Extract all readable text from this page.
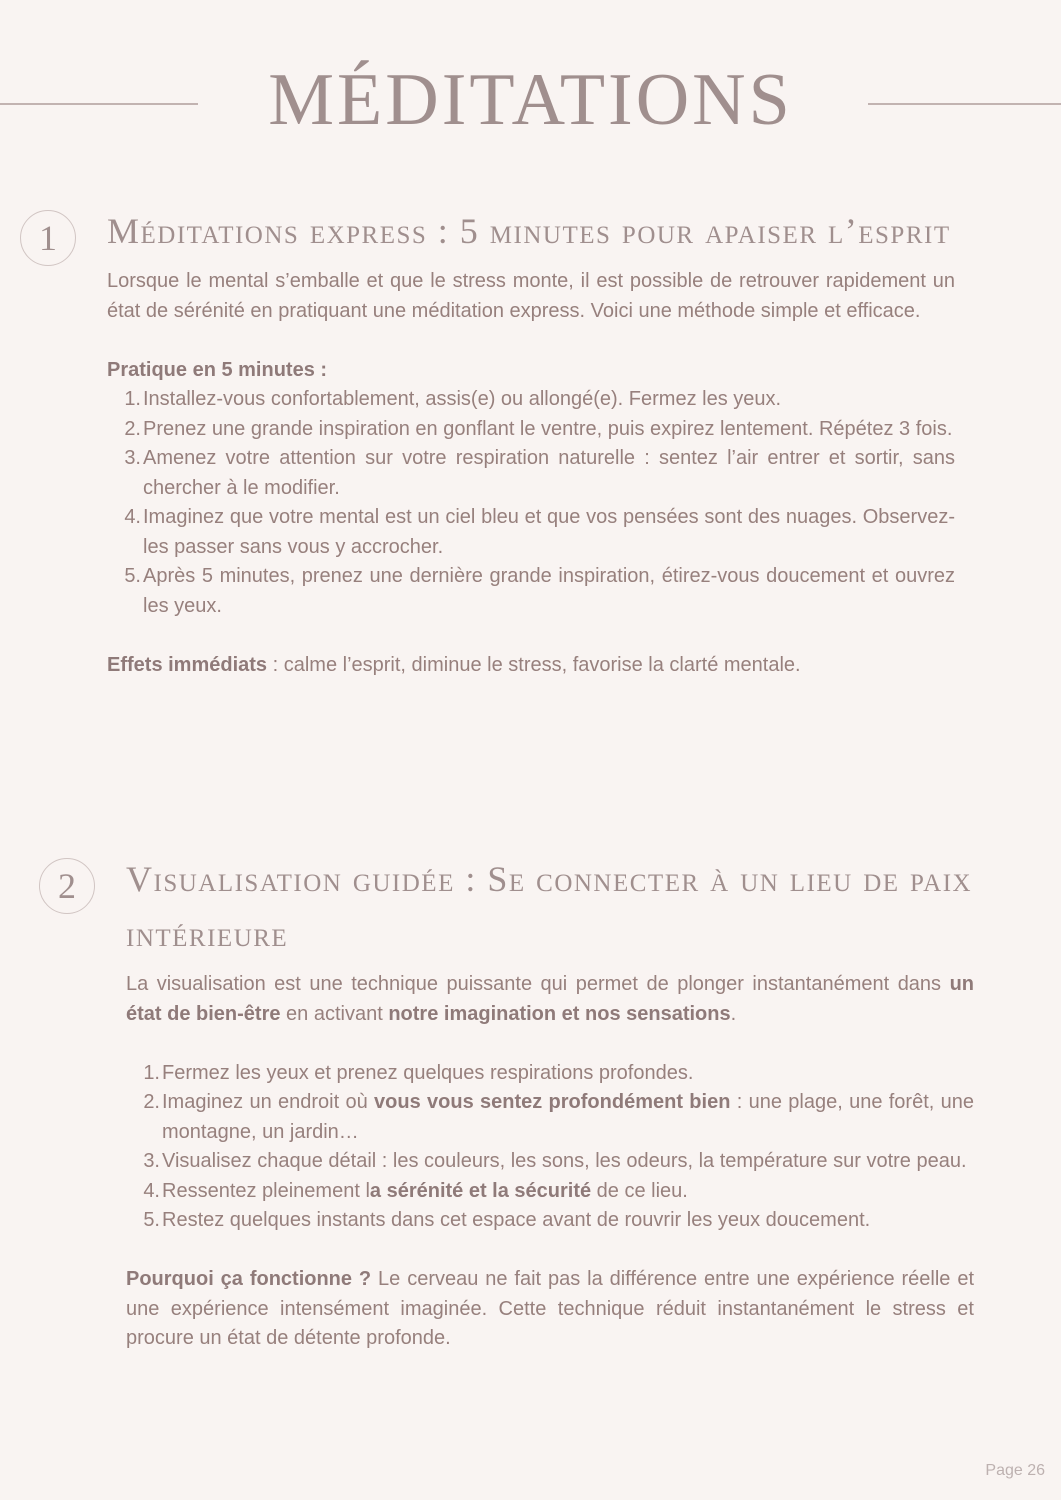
MÉDITATIONS
1	Méditations express : 5 minutes pour apaiser l’esprit

Lorsque le mental s’emballe et que le stress monte, il est possible de retrouver rapidement un état de sérénité en pratiquant une méditation express. Voici une méthode simple et efficace.

Pratique en 5 minutes :

1. Installez-vous confortablement, assis(e) ou allongé(e). Fermez les yeux.
2. Prenez une grande inspiration en gonflant le ventre, puis expirez lentement. Répétez 3 fois.
3. Amenez votre attention sur votre respiration naturelle : sentez l’air entrer et sortir, sans chercher à le modifier.
4. Imaginez que votre mental est un ciel bleu et que vos pensées sont des nuages. Observez-les passer sans vous y accrocher.
5. Après 5 minutes, prenez une dernière grande inspiration, étirez-vous doucement et ouvrez les yeux.

Effets immédiats : calme l’esprit, diminue le stress, favorise la clarté mentale.

2	Visualisation guidée : Se connecter à un lieu de paix intérieure

La visualisation est une technique puissante qui permet de plonger instantanément dans un état de bien-être en activant notre imagination et nos sensations.

1. Fermez les yeux et prenez quelques respirations profondes.
2. Imaginez un endroit où vous vous sentez profondément bien : une plage, une forêt, une montagne, un jardin…
3. Visualisez chaque détail : les couleurs, les sons, les odeurs, la température sur votre peau.
4. Ressentez pleinement la sérénité et la sécurité de ce lieu.
5. Restez quelques instants dans cet espace avant de rouvrir les yeux doucement.

Pourquoi ça fonctionne ? Le cerveau ne fait pas la différence entre une expérience réelle et une expérience intensément imaginée. Cette technique réduit instantanément le stress et procure un état de détente profonde.

Page 26
